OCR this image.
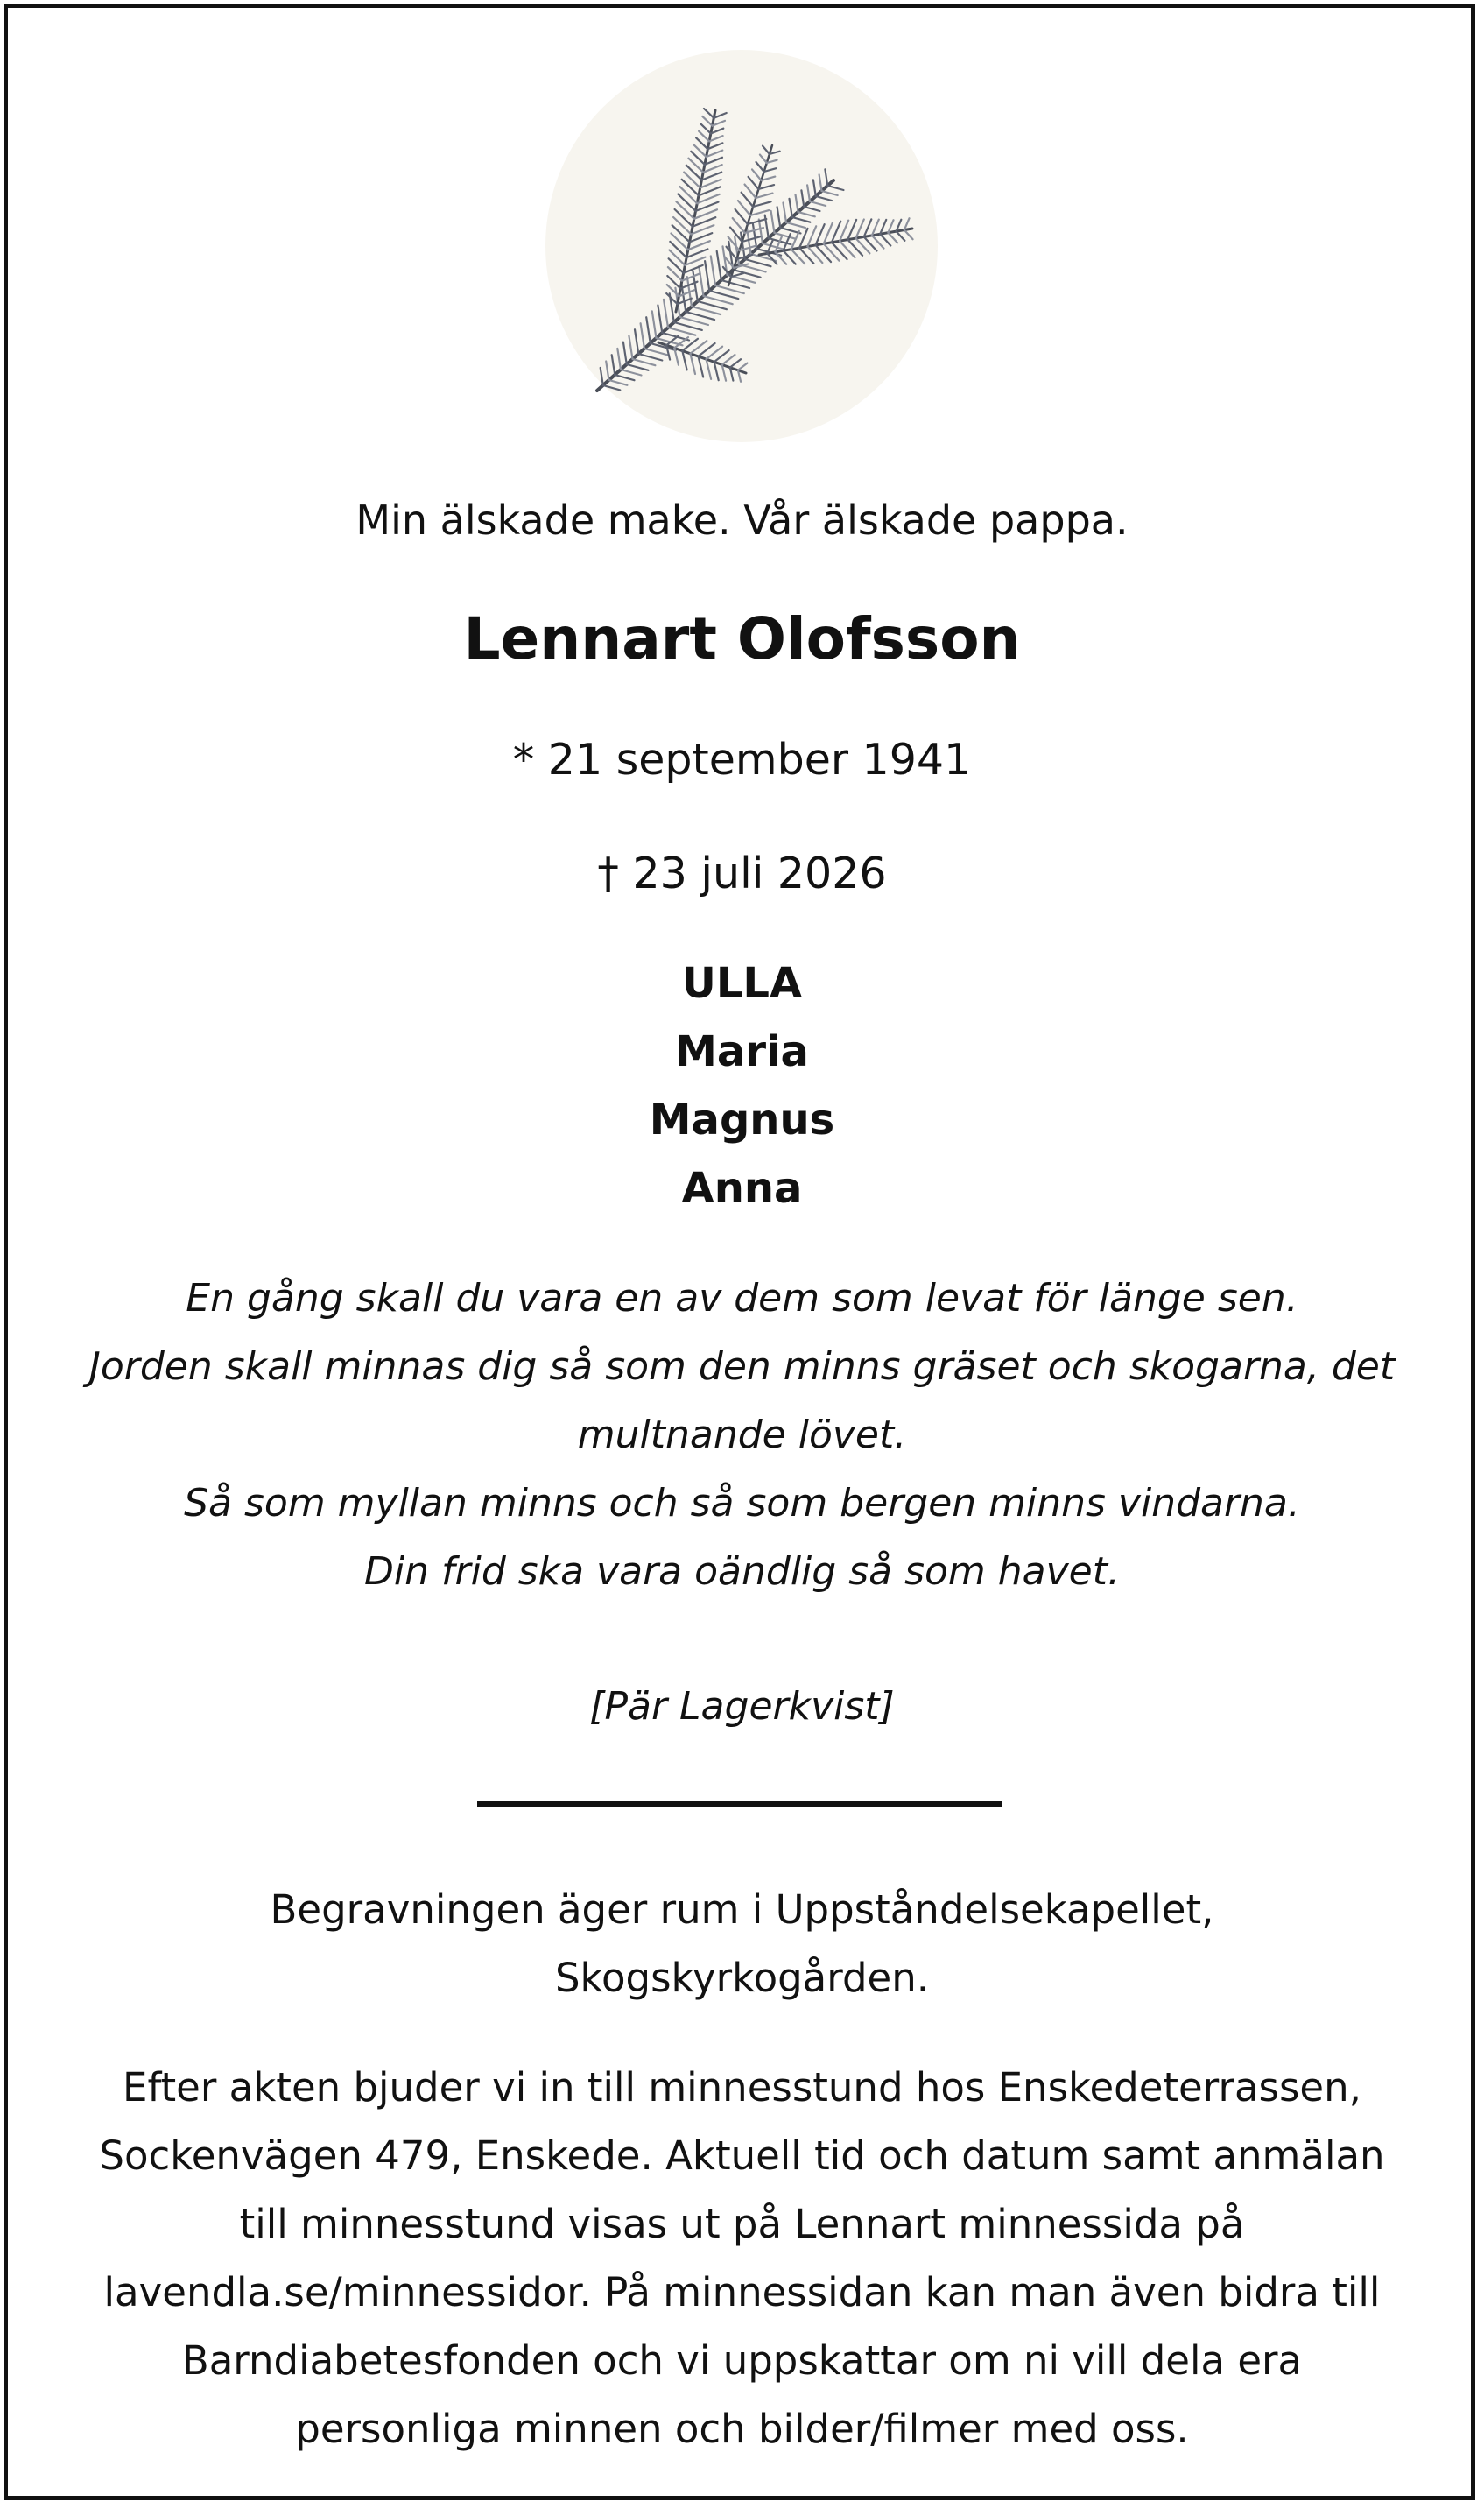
Min älskade make. Vår älskade pappa.
Lennart Olofsson
* 21 september 1941
† 23 juli 2026
ULLA
Maria
Magnus
Anna
En gång skall du vara en av dem som levat för länge sen.
Jorden skall minnas dig så som den minns gräset och skogarna, det
multnande lövet.
Så som myllan minns och så som bergen minns vindarna.
Din frid ska vara oändlig så som havet.
[Pär Lagerkvist]
Begravningen äger rum i Uppståndelsekapellet,
Skogskyrkogården.
Efter akten bjuder vi in till minnesstund hos Enskedeterrassen,
Sockenvägen 479, Enskede. Aktuell tid och datum samt anmälan
till minnesstund visas ut på Lennart minnessida på
lavendla.se/minnessidor. På minnessidan kan man även bidra till
Barndiabetesfonden och vi uppskattar om ni vill dela era
personliga minnen och bilder/filmer med oss.
